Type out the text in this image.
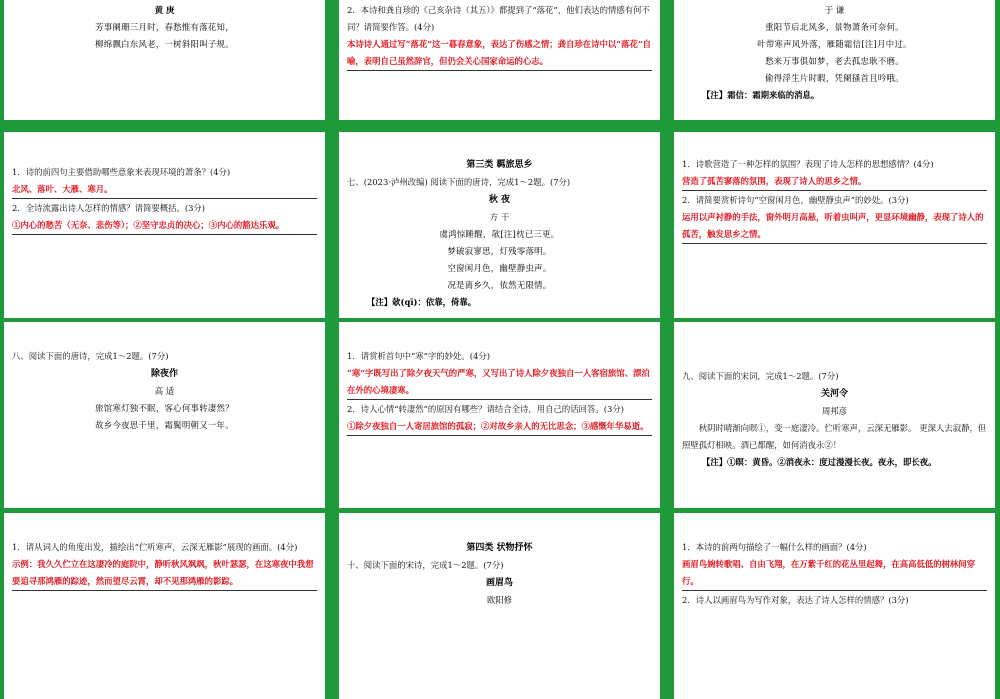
黄 庚
芳事阑珊三月时，春愁惟有落花知，
柳绵飘白东风老，一树斜阳叫子规。
2．本诗和龚自珍的《己亥杂诗（其五）》都提到了“落花”，他们表达的情感有何不同？请简要作答。(4分)
本诗诗人通过写“落花”这一暮春意象，表达了伤感之情；龚自珍在诗中以“落花”自喻，表明自己虽然辞官，但仍会关心国家命运的心志。
于 谦
重阳节后北风多，景物萧条可奈何。
叶带寒声风外落，雁随霜信[注]月中过。
愁来万事俱如梦，老去孤忠耿不磨。
偷得浮生片时暇，凭阑搔首且吟哦。
【注】霜信：霜期来临的消息。
1．诗的前四句主要借助哪些意象来表现环境的萧条？(4分)
北风、落叶、大雁、寒月。
2．全诗流露出诗人怎样的情感？请简要概括。(3分)
①内心的愁苦（无奈、悲伤等）；②坚守忠贞的决心；③内心的豁达乐观。
第三类 羁旅思乡
七、(2023·泸州改编) 阅读下面的唐诗，完成1～2题。(7分)
秋 夜
方 干
虞鸿惊睡醒，欹[注]枕已三更。
梦破寂寥思，灯残零落明。
空窗闲月色，幽壁静虫声。
况是离乡久，依然无限情。
【注】欹(qī)：依靠，倚靠。
1．诗歌营造了一种怎样的氛围？表现了诗人怎样的思想感情？(4分)
营造了孤苦寥落的氛围，表现了诗人的思乡之情。
2．请简要赏析诗句“空窗闲月色，幽壁静虫声”的妙处。(3分)
运用以声衬静的手法，窗外明月高悬，听着虫叫声，更显环境幽静，表现了诗人的孤苦，触发思乡之情。
八、阅读下面的唐诗，完成1～2题。(7分)
除夜作
高 适
旅馆寒灯独不眠，客心何事转凄然？
故乡今夜思千里，霜鬓明朝又一年。
1．请赏析首句中“寒”字的妙处。(4分)
“寒”字既写出了除夕夜天气的严寒，又写出了诗人除夕夜独自一人客宿旅馆、漂泊在外的心境凄寒。
2．诗人心情“转凄然”的原因有哪些？请结合全诗，用自己的话回答。(3分)
①除夕夜独自一人寄居旅馆的孤寂；②对故乡亲人的无比思念；③感慨年华易逝。
九、阅读下面的宋词，完成1～2题。(7分)
关河令
周邦彦
秋阴时晴渐向暝①，变一庭凄冷。伫听寒声，云深无雁影。 更深人去寂静，但照壁孤灯相映。酒已都醒，如何消夜永②！
【注】①暝：黄昏。②消夜永：度过漫漫长夜。夜永，即长夜。
1．请从词人的角度出发，描绘出“伫听寒声，云深无雁影”展现的画面。(4分)
示例：我久久伫立在这凄冷的庭院中，静听秋风飒飒，秋叶瑟瑟，在这寒夜中我想要追寻那鸿雁的踪迹，然而望尽云霄，却不见那鸿雁的影踪。
第四类 状物抒怀
十、阅读下面的宋诗，完成1～2题。(7分)
画眉鸟
欧阳修
1．本诗的前两句描绘了一幅什么样的画面？(4分)
画眉鸟婉转歌唱、自由飞翔，在万紫千红的花丛里起舞，在高高低低的树林间穿行。
2．诗人以画眉鸟为写作对象，表达了诗人怎样的情感？(3分)
